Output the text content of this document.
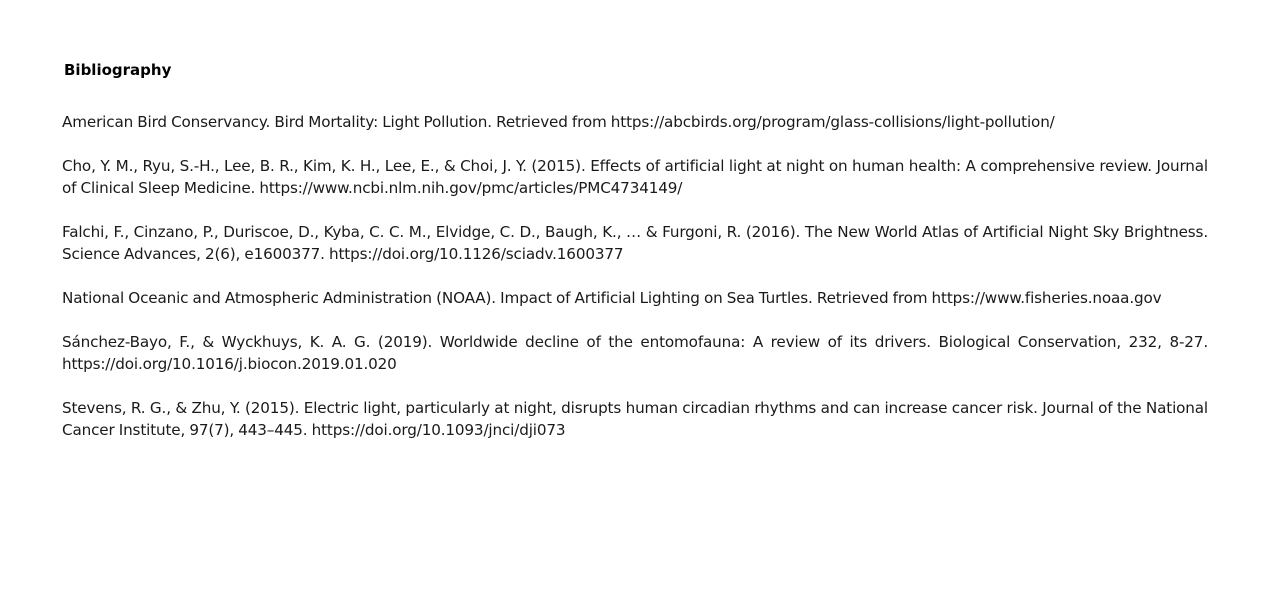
Bibliography
American Bird Conservancy. Bird Mortality: Light Pollution. Retrieved from https://abcbirds.org/program/glass-collisions/light-pollution/
Cho, Y. M., Ryu, S.-H., Lee, B. R., Kim, K. H., Lee, E., & Choi, J. Y. (2015). Effects of artificial light at night on human health: A comprehensive review. Journal of Clinical Sleep Medicine. https://www.ncbi.nlm.nih.gov/pmc/articles/PMC4734149/
Falchi, F., Cinzano, P., Duriscoe, D., Kyba, C. C. M., Elvidge, C. D., Baugh, K., … & Furgoni, R. (2016). The New World Atlas of Artificial Night Sky Brightness. Science Advances, 2(6), e1600377. https://doi.org/10.1126/sciadv.1600377
National Oceanic and Atmospheric Administration (NOAA). Impact of Artificial Lighting on Sea Turtles. Retrieved from https://www.fisheries.noaa.gov
Sánchez-Bayo, F., & Wyckhuys, K. A. G. (2019). Worldwide decline of the entomofauna: A review of its drivers. Biological Conservation, 232, 8-27. https://doi.org/10.1016/j.biocon.2019.01.020
Stevens, R. G., & Zhu, Y. (2015). Electric light, particularly at night, disrupts human circadian rhythms and can increase cancer risk. Journal of the National Cancer Institute, 97(7), 443–445. https://doi.org/10.1093/jnci/dji073
